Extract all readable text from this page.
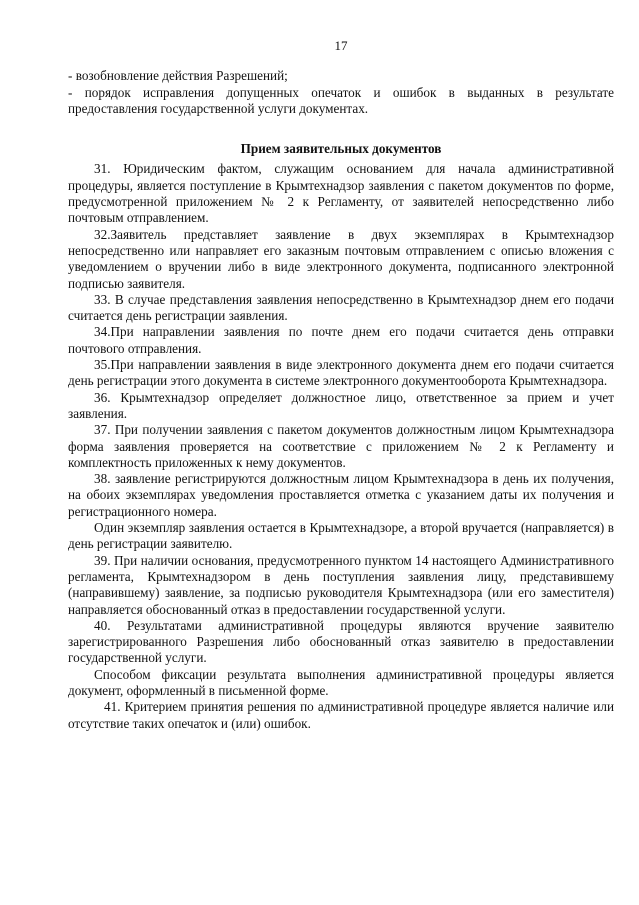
17

- возобновление действия Разрешений;

- порядок исправления допущенных опечаток и ошибок в выданных в результате предоставления государственной услуги документах.

Прием заявительных документов

31. Юридическим фактом, служащим основанием для начала административной процедуры, является поступление в Крымтехнадзор заявления с пакетом документов по форме, предусмотренной приложением № 2 к Регламенту, от заявителей непосредственно либо почтовым отправлением.

32.Заявитель представляет заявление в двух экземплярах в Крымтехнадзор непосредственно или направляет его заказным почтовым отправлением с описью вложения с уведомлением о вручении либо в виде электронного документа, подписанного электронной подписью заявителя.

33. В случае представления заявления непосредственно в Крымтехнадзор днем его подачи считается день регистрации заявления.

34.При направлении заявления по почте днем его подачи считается день отправки почтового отправления.

35.При направлении заявления в виде электронного документа днем его подачи считается день регистрации этого документа в системе электронного документооборота Крымтехнадзора.

36. Крымтехнадзор определяет должностное лицо, ответственное за прием и учет заявления.

37. При получении заявления с пакетом документов должностным лицом Крымтехнадзора форма заявления проверяется на соответствие с приложением № 2 к Регламенту и комплектность приложенных к нему документов.

38. заявление регистрируются должностным лицом Крымтехнадзора в день их получения, на обоих экземплярах уведомления проставляется отметка с указанием даты их получения и регистрационного номера.

Один экземпляр заявления остается в Крымтехнадзоре, а второй вручается (направляется) в день регистрации заявителю.

39. При наличии основания, предусмотренного пунктом 14 настоящего Административного регламента, Крымтехнадзором в день поступления заявления лицу, представившему (направившему) заявление, за подписью руководителя Крымтехнадзора (или его заместителя) направляется обоснованный отказ в предоставлении государственной услуги.

40. Результатами административной процедуры являются вручение заявителю зарегистрированного Разрешения либо обоснованный отказ заявителю в предоставлении государственной услуги.

Способом фиксации результата выполнения административной процедуры является документ, оформленный в письменной форме.

41. Критерием принятия решения по административной процедуре является наличие или отсутствие таких опечаток и (или) ошибок.
